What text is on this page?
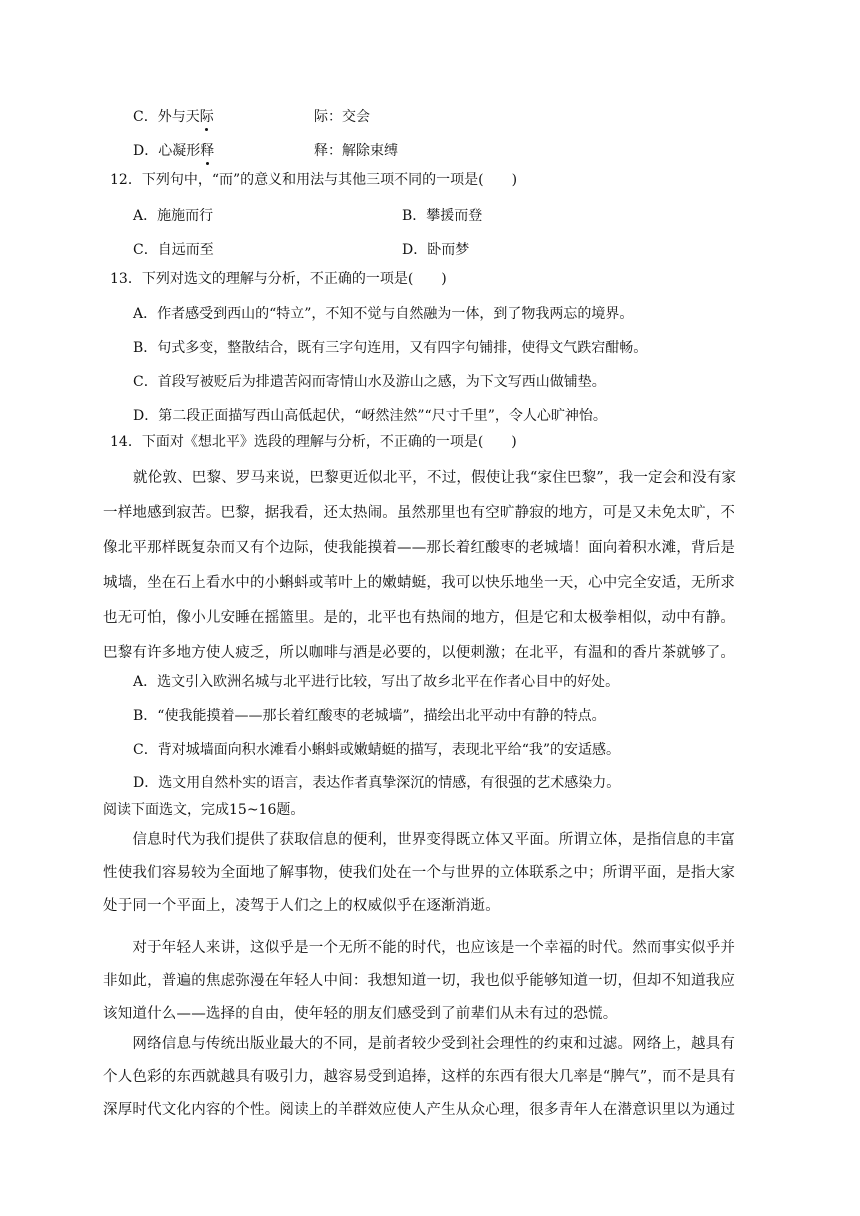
C．外与天际	际：交会
D．心凝形释	释：解除束缚
12．下列句中，“而”的意义和用法与其他三项不同的一项是(　　)
A．施施而行	B．攀援而登
C．自远而至	D．卧而梦
13．下列对选文的理解与分析，不正确的一项是(　　)
A．作者感受到西山的“特立”，不知不觉与自然融为一体，到了物我两忘的境界。
B．句式多变，整散结合，既有三字句连用，又有四字句铺排，使得文气跌宕酣畅。
C．首段写被贬后为排遣苦闷而寄情山水及游山之感，为下文写西山做铺垫。
D．第二段正面描写西山高低起伏，“岈然洼然”“尺寸千里”，令人心旷神怡。
14．下面对《想北平》选段的理解与分析，不正确的一项是(　　)
就伦敦、巴黎、罗马来说，巴黎更近似北平，不过，假使让我“家住巴黎”，我一定会和没有家
一样地感到寂苦。巴黎，据我看，还太热闹。虽然那里也有空旷静寂的地方，可是又未免太旷，不
像北平那样既复杂而又有个边际，使我能摸着——那长着红酸枣的老城墙！面向着积水滩，背后是
城墙，坐在石上看水中的小蝌蚪或苇叶上的嫩蜻蜓，我可以快乐地坐一天，心中完全安适，无所求
也无可怕，像小儿安睡在摇篮里。是的，北平也有热闹的地方，但是它和太极拳相似，动中有静。
巴黎有许多地方使人疲乏，所以咖啡与酒是必要的，以便刺激；在北平，有温和的香片茶就够了。
A．选文引入欧洲名城与北平进行比较，写出了故乡北平在作者心目中的好处。
B．“使我能摸着——那长着红酸枣的老城墙”，描绘出北平动中有静的特点。
C．背对城墙面向积水滩看小蝌蚪或嫩蜻蜓的描写，表现北平给“我”的安适感。
D．选文用自然朴实的语言，表达作者真挚深沉的情感，有很强的艺术感染力。
阅读下面选文，完成15~16题。
　　信息时代为我们提供了获取信息的便利，世界变得既立体又平面。所谓立体，是指信息的丰富
性使我们容易较为全面地了解事物，使我们处在一个与世界的立体联系之中；所谓平面，是指大家
处于同一个平面上，凌驾于人们之上的权威似乎在逐渐消逝。
　　对于年轻人来讲，这似乎是一个无所不能的时代，也应该是一个幸福的时代。然而事实似乎并
非如此，普遍的焦虑弥漫在年轻人中间：我想知道一切，我也似乎能够知道一切，但却不知道我应
该知道什么——选择的自由，使年轻的朋友们感受到了前辈们从未有过的恐慌。
　　网络信息与传统出版业最大的不同，是前者较少受到社会理性的约束和过滤。网络上，越具有
个人色彩的东西就越具有吸引力，越容易受到追捧，这样的东西有很大几率是“脾气”，而不是具有
深厚时代文化内容的个性。阅读上的羊群效应使人产生从众心理，很多青年人在潜意识里以为通过
